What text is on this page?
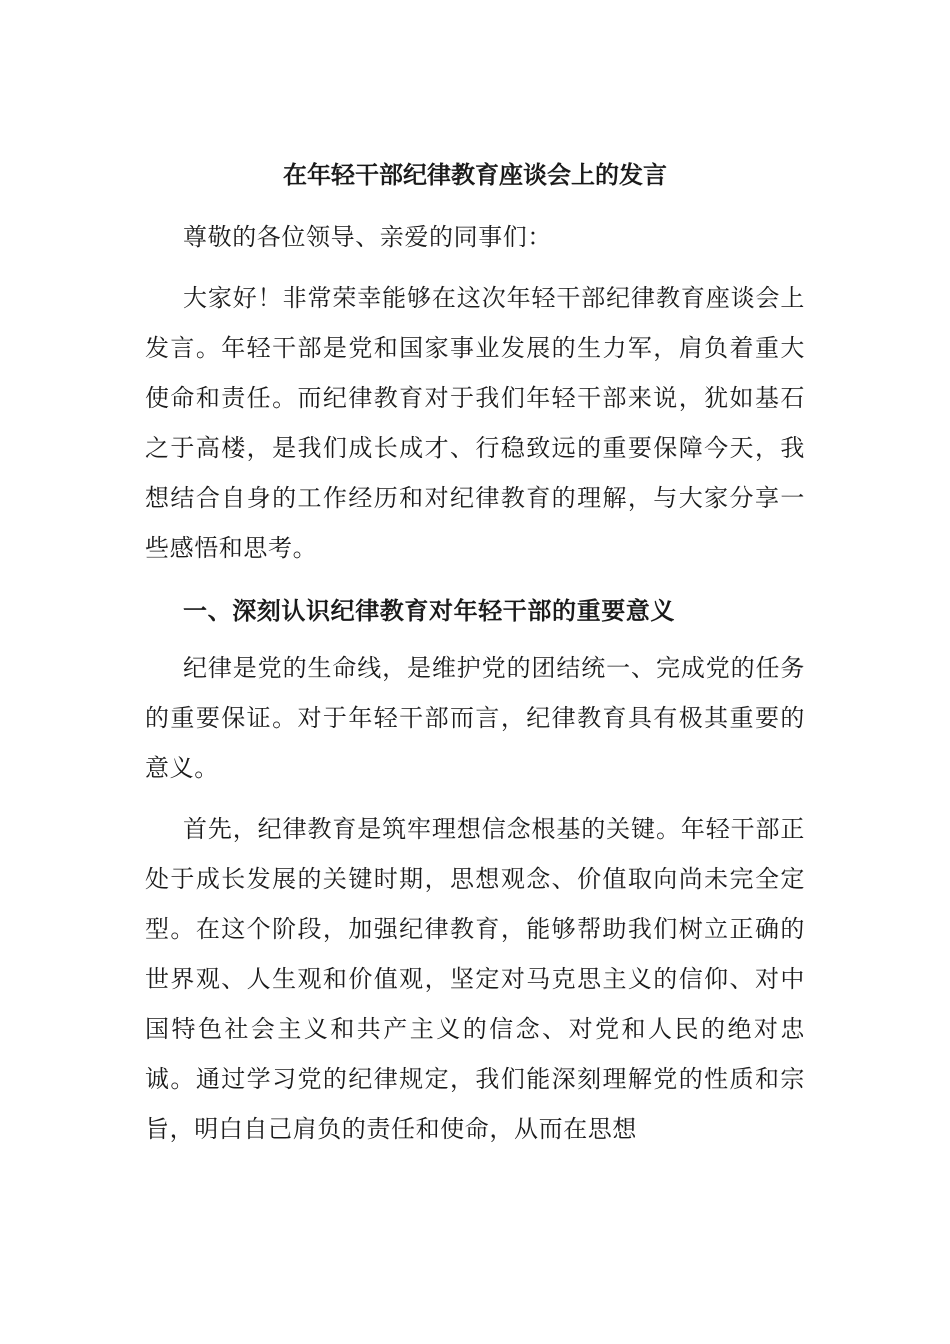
在年轻干部纪律教育座谈会上的发言

尊敬的各位领导、亲爱的同事们：

大家好！非常荣幸能够在这次年轻干部纪律教育座谈会上发言。年轻干部是党和国家事业发展的生力军，肩负着重大使命和责任。而纪律教育对于我们年轻干部来说，犹如基石之于高楼，是我们成长成才、行稳致远的重要保障今天，我想结合自身的工作经历和对纪律教育的理解，与大家分享一些感悟和思考。

一、深刻认识纪律教育对年轻干部的重要意义

纪律是党的生命线，是维护党的团结统一、完成党的任务的重要保证。对于年轻干部而言，纪律教育具有极其重要的意义。

首先，纪律教育是筑牢理想信念根基的关键。年轻干部正处于成长发展的关键时期，思想观念、价值取向尚未完全定型。在这个阶段，加强纪律教育，能够帮助我们树立正确的世界观、人生观和价值观，坚定对马克思主义的信仰、对中国特色社会主义和共产主义的信念、对党和人民的绝对忠诚。通过学习党的纪律规定，我们能深刻理解党的性质和宗旨，明白自己肩负的责任和使命，从而在思想
